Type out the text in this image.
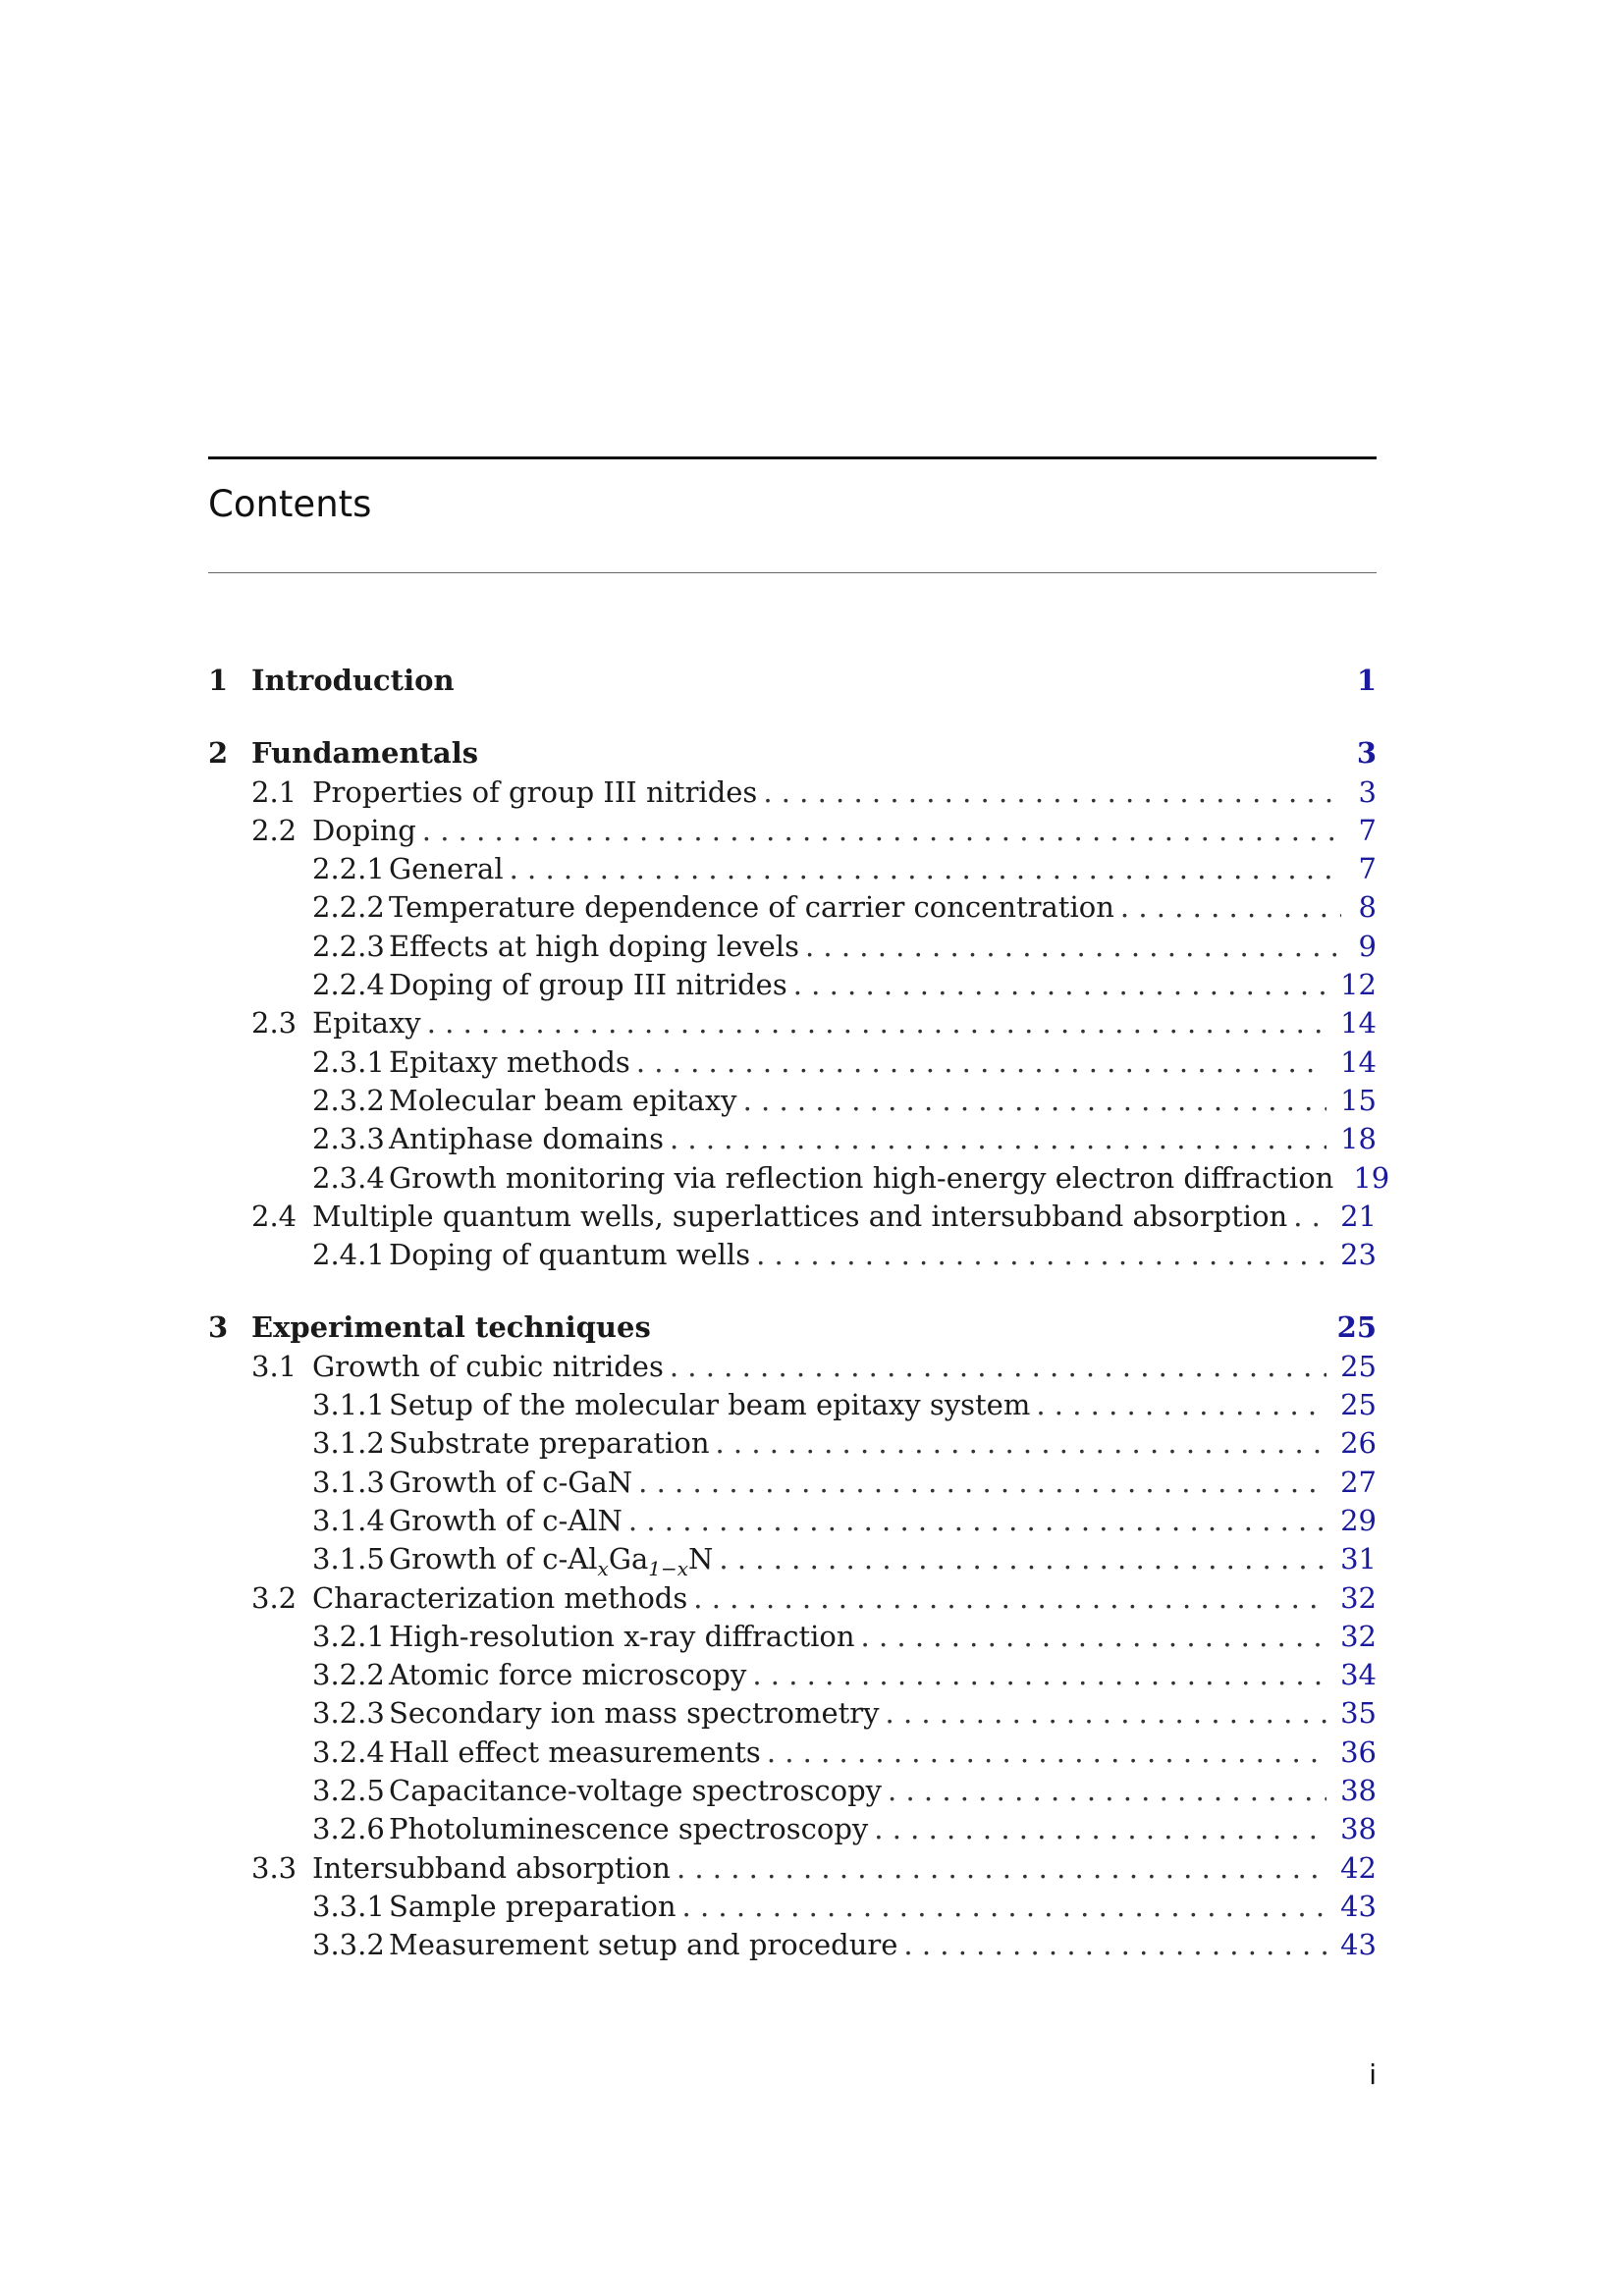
Contents
1 Introduction	1
2 Fundamentals	3
2.1 Properties of group III nitrides . . .	3
2.2 Doping . . .	7
2.2.1 General . . .	7
2.2.2 Temperature dependence of carrier concentration . . .	8
2.2.3 Effects at high doping levels . . .	9
2.2.4 Doping of group III nitrides . . .	12
2.3 Epitaxy . . .	14
2.3.1 Epitaxy methods . . .	14
2.3.2 Molecular beam epitaxy . . .	15
2.3.3 Antiphase domains . . .	18
2.3.4 Growth monitoring via reflection high-energy electron diffraction 19
2.4 Multiple quantum wells, superlattices and intersubband absorption . . . 21
2.4.1 Doping of quantum wells . . .	23
3 Experimental techniques	25
3.1 Growth of cubic nitrides . . .	25
3.1.1 Setup of the molecular beam epitaxy system . . .	25
3.1.2 Substrate preparation . . .	26
3.1.3 Growth of c-GaN . . .	27
3.1.4 Growth of c-AlN . . .	29
3.1.5 Growth of $c-Al_xGa_{1-x}N$ . . .	31
3.2 Characterization methods . . .	32
3.2.1 High-resolution x-ray diffraction . . .	32
3.2.2 Atomic force microscopy . . .	34
3.2.3 Secondary ion mass spectrometry . . .	35
3.2.4 Hall effect measurements . . .	36
3.2.5 Capacitance-voltage spectroscopy . . .	38
3.2.6 Photoluminescence spectroscopy . . .	38
3.3 Intersubband absorption . . .	42
3.3.1 Sample preparation . . .	43
3.3.2 Measurement setup and procedure . . .	43
i
